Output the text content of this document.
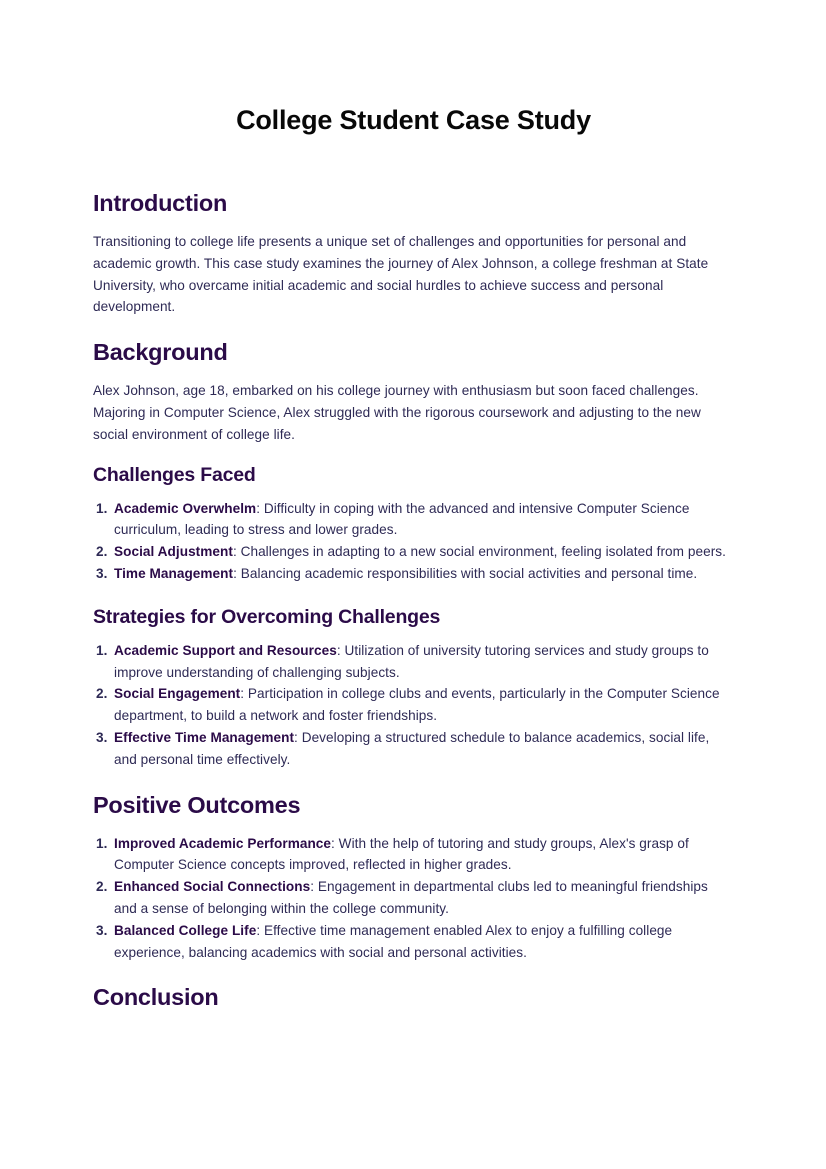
College Student Case Study
Introduction

Transitioning to college life presents a unique set of challenges and opportunities for personal and academic growth. This case study examines the journey of Alex Johnson, a college freshman at State University, who overcame initial academic and social hurdles to achieve success and personal development.

Background

Alex Johnson, age 18, embarked on his college journey with enthusiasm but soon faced challenges. Majoring in Computer Science, Alex struggled with the rigorous coursework and adjusting to the new social environment of college life.

Challenges Faced
Academic Overwhelm: Difficulty in coping with the advanced and intensive Computer Science curriculum, leading to stress and lower grades.
Social Adjustment: Challenges in adapting to a new social environment, feeling isolated from peers.
Time Management: Balancing academic responsibilities with social activities and personal time.
Strategies for Overcoming Challenges
Academic Support and Resources: Utilization of university tutoring services and study groups to improve understanding of challenging subjects.
Social Engagement: Participation in college clubs and events, particularly in the Computer Science department, to build a network and foster friendships.
Effective Time Management: Developing a structured schedule to balance academics, social life, and personal time effectively.
Positive Outcomes
Improved Academic Performance: With the help of tutoring and study groups, Alex's grasp of Computer Science concepts improved, reflected in higher grades.
Enhanced Social Connections: Engagement in departmental clubs led to meaningful friendships and a sense of belonging within the college community.
Balanced College Life: Effective time management enabled Alex to enjoy a fulfilling college experience, balancing academics with social and personal activities.
Conclusion
